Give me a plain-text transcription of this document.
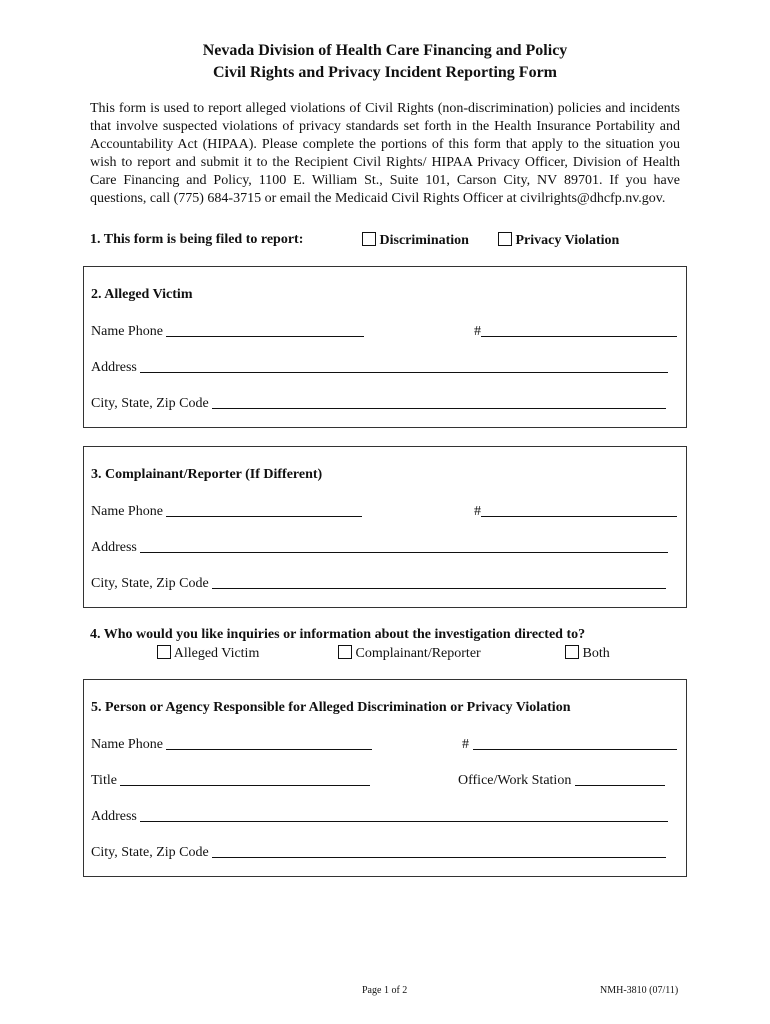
Nevada Division of Health Care Financing and Policy
Civil Rights and Privacy Incident Reporting Form
This form is used to report alleged violations of Civil Rights (non-discrimination) policies and incidents that involve suspected violations of privacy standards set forth in the Health Insurance Portability and Accountability Act (HIPAA). Please complete the portions of this form that apply to the situation you wish to report and submit it to the Recipient Civil Rights/ HIPAA Privacy Officer, Division of Health Care Financing and Policy, 1100 E. William St., Suite 101, Carson City, NV 89701. If you have questions, call (775) 684-3715 or email the Medicaid Civil Rights Officer at civilrights@dhcfp.nv.gov.
1. This form is being filed to report:	Discrimination	Privacy Violation
2. Alleged Victim
Name Phone	#
Address
City, State, Zip Code
3. Complainant/Reporter (If Different)
Name Phone	#
Address
City, State, Zip Code
4. Who would you like inquiries or information about the investigation directed to?
Alleged Victim	Complainant/Reporter	Both
5. Person or Agency Responsible for Alleged Discrimination or Privacy Violation
Name Phone	#
Title	Office/Work Station
Address
City, State, Zip Code
Page 1 of 2	NMH-3810 (07/11)
